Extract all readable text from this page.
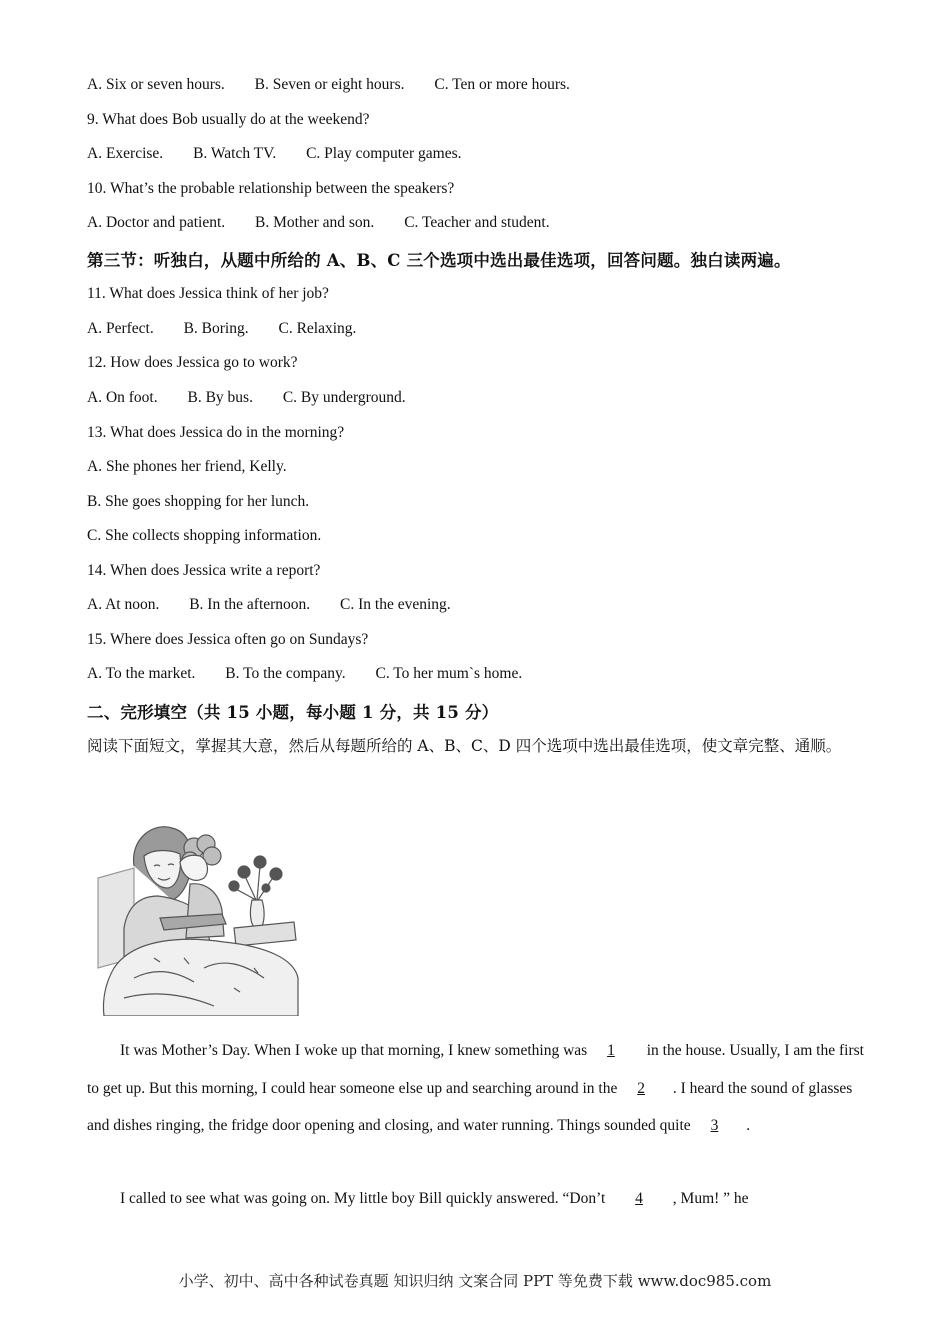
A. Six or seven hours. B. Seven or eight hours. C. Ten or more hours.
9. What does Bob usually do at the weekend?
A. Exercise. B. Watch TV. C. Play computer games.
10. What’s the probable relationship between the speakers?
A. Doctor and patient. B. Mother and son. C. Teacher and student.
第三节：听独白，从题中所给的 A、B、C 三个选项中选出最佳选项，回答问题。独白读两遍。
11. What does Jessica think of her job?
A. Perfect. B. Boring. C. Relaxing.
12. How does Jessica go to work?
A. On foot. B. By bus. C. By underground.
13. What does Jessica do in the morning?
A. She phones her friend, Kelly.
B. She goes shopping for her lunch.
C. She collects shopping information.
14. When does Jessica write a report?
A. At noon. B. In the afternoon. C. In the evening.
15. Where does Jessica often go on Sundays?
A. To the market. B. To the company. C. To her mum`s home.
二、完形填空（共 15 小题，每小题 1 分，共 15 分）
阅读下面短文，掌握其大意，然后从每题所给的 A、B、C、D 四个选项中选出最佳选项，使文章完整、通顺。
It was Mother’s Day. When I woke up that morning, I knew something was 1 in the house. Usually, I am the first to get up. But this morning, I could hear someone else up and searching around in the 2 . I heard the sound of glasses and dishes ringing, the fridge door opening and closing, and water running. Things sounded quite 3 .
I called to see what was going on. My little boy Bill quickly answered. “Don’t 4 , Mum! ” he
小学、初中、高中各种试卷真题 知识归纳 文案合同 PPT 等免费下载 www.doc985.com
